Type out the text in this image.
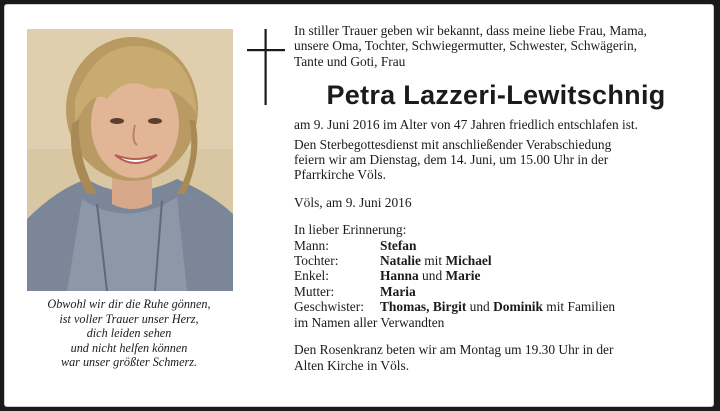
Obwohl wir dir die Ruhe gönnen,
ist voller Trauer unser Herz,
dich leiden sehen
und nicht helfen können
war unser größter Schmerz.
In stiller Trauer geben wir bekannt, dass meine liebe Frau, Mama,
unsere Oma, Tochter, Schwiegermutter, Schwester, Schwägerin,
Tante und Goti, Frau
Petra Lazzeri-Lewitschnig
am 9. Juni 2016 im Alter von 47 Jahren friedlich entschlafen ist.
Den Sterbegottesdienst mit anschließender Verabschiedung
feiern wir am Dienstag, dem 14. Juni, um 15.00 Uhr in der
Pfarrkirche Völs.
Völs, am 9. Juni 2016
In lieber Erinnerung:
Mann:	Stefan
Tochter:	Natalie mit Michael
Enkel:	Hanna und Marie
Mutter:	Maria
Geschwister: Thomas, Birgit und Dominik mit Familien
im Namen aller Verwandten
Den Rosenkranz beten wir am Montag um 19.30 Uhr in der
Alten Kirche in Völs.
